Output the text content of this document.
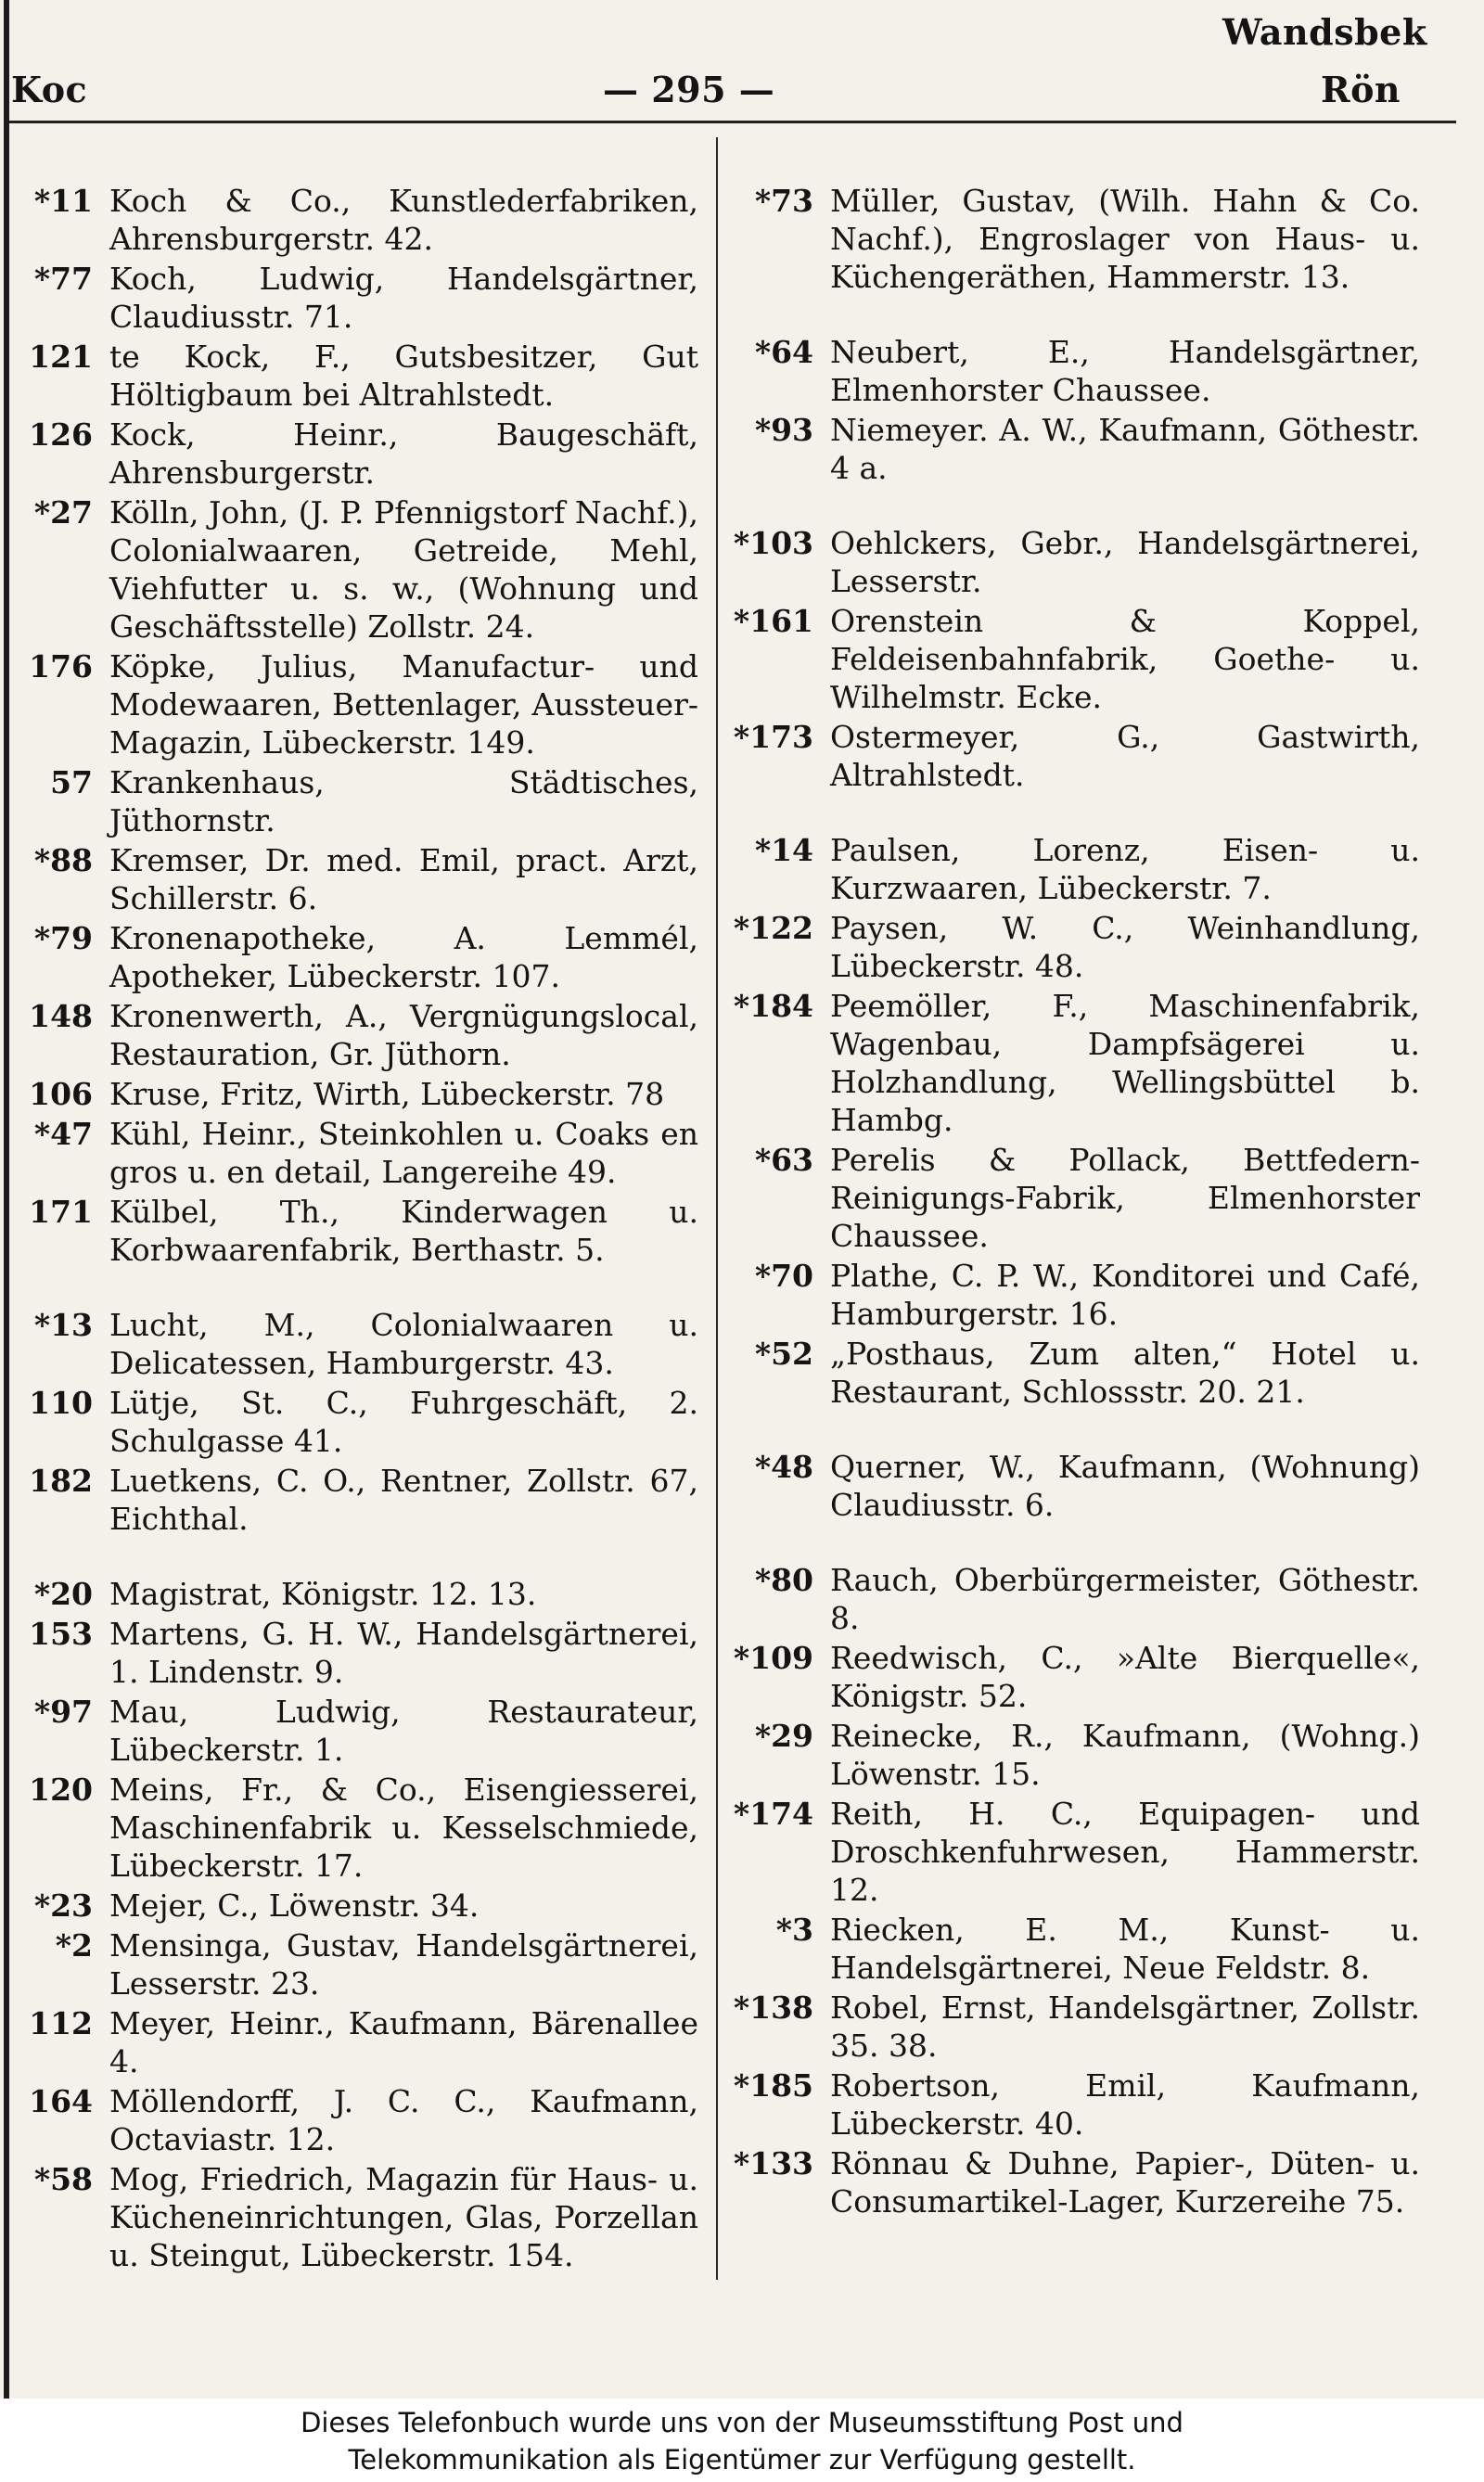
Wandsbek
Koc	— 295 —	Rön
*11 Koch & Co., Kunstlederfabriken, Ahrensburgerstr. 42.
*77 Koch, Ludwig, Handelsgärtner, Claudiusstr. 71.
121 te Kock, F., Gutsbesitzer, Gut Höltigbaum bei Altrahlstedt.
126 Kock, Heinr., Baugeschäft, Ahrensburgerstr.
*27 Kölln, John, (J. P. Pfennigstorf Nachf.), Colonialwaaren, Getreide, Mehl, Viehfutter u. s. w., (Wohnung und Geschäftsstelle) Zollstr. 24.
176 Köpke, Julius, Manufactur- und Modewaaren, Bettenlager, Aussteuer-Magazin, Lübeckerstr. 149.
57 Krankenhaus, Städtisches, Jüthornstr.
*88 Kremser, Dr. med. Emil, pract. Arzt, Schillerstr. 6.
*79 Kronenapotheke, A. Lemmél, Apotheker, Lübeckerstr. 107.
148 Kronenwerth, A., Vergnügungslocal, Restauration, Gr. Jüthorn.
106 Kruse, Fritz, Wirth, Lübeckerstr. 78
*47 Kühl, Heinr., Steinkohlen u. Coaks en gros u. en detail, Langereihe 49.
171 Külbel, Th., Kinderwagen u. Korbwaarenfabrik, Berthastr. 5.
*13 Lucht, M., Colonialwaaren u. Delicatessen, Hamburgerstr. 43.
110 Lütje, St. C., Fuhrgeschäft, 2. Schulgasse 41.
182 Luetkens, C. O., Rentner, Zollstr. 67, Eichthal.
*20 Magistrat, Königstr. 12. 13.
153 Martens, G. H. W., Handelsgärtnerei, 1. Lindenstr. 9.
*97 Mau, Ludwig, Restaurateur, Lübeckerstr. 1.
120 Meins, Fr., & Co., Eisengiesserei, Maschinenfabrik u. Kesselschmiede, Lübeckerstr. 17.
*23 Mejer, C., Löwenstr. 34.
*2 Mensinga, Gustav, Handelsgärtnerei, Lesserstr. 23.
112 Meyer, Heinr., Kaufmann, Bärenallee 4.
164 Möllendorff, J. C. C., Kaufmann, Octaviastr. 12.
*58 Mog, Friedrich, Magazin für Haus- u. Kücheneinrichtungen, Glas, Porzellan u. Steingut, Lübeckerstr. 154.
*73 Müller, Gustav, (Wilh. Hahn & Co. Nachf.), Engroslager von Haus- u. Küchengeräthen, Hammerstr. 13.
*64 Neubert, E., Handelsgärtner, Elmenhorster Chaussee.
*93 Niemeyer. A. W., Kaufmann, Göthestr. 4 a.
*103 Oehlckers, Gebr., Handelsgärtnerei, Lesserstr.
*161 Orenstein & Koppel, Feldeisenbahnfabrik, Goethe- u. Wilhelmstr. Ecke.
*173 Ostermeyer, G., Gastwirth, Altrahlstedt.
*14 Paulsen, Lorenz, Eisen- u. Kurzwaaren, Lübeckerstr. 7.
*122 Paysen, W. C., Weinhandlung, Lübeckerstr. 48.
*184 Peemöller, F., Maschinenfabrik, Wagenbau, Dampfsägerei u. Holzhandlung, Wellingsbüttel b. Hambg.
*63 Perelis & Pollack, Bettfedern-Reinigungs-Fabrik, Elmenhorster Chaussee.
*70 Plathe, C. P. W., Konditorei und Café, Hamburgerstr. 16.
*52 „Posthaus, Zum alten,“ Hotel u. Restaurant, Schlossstr. 20. 21.
*48 Querner, W., Kaufmann, (Wohnung) Claudiusstr. 6.
*80 Rauch, Oberbürgermeister, Göthestr. 8.
*109 Reedwisch, C., »Alte Bierquelle«, Königstr. 52.
*29 Reinecke, R., Kaufmann, (Wohng.) Löwenstr. 15.
*174 Reith, H. C., Equipagen- und Droschkenfuhrwesen, Hammerstr. 12.
*3 Riecken, E. M., Kunst- u. Handelsgärtnerei, Neue Feldstr. 8.
*138 Robel, Ernst, Handelsgärtner, Zollstr. 35. 38.
*185 Robertson, Emil, Kaufmann, Lübeckerstr. 40.
*133 Rönnau & Duhne, Papier-, Düten- u. Consumartikel-Lager, Kurzereihe 75.
Dieses Telefonbuch wurde uns von der Museumsstiftung Post und
Telekommunikation als Eigentümer zur Verfügung gestellt.
